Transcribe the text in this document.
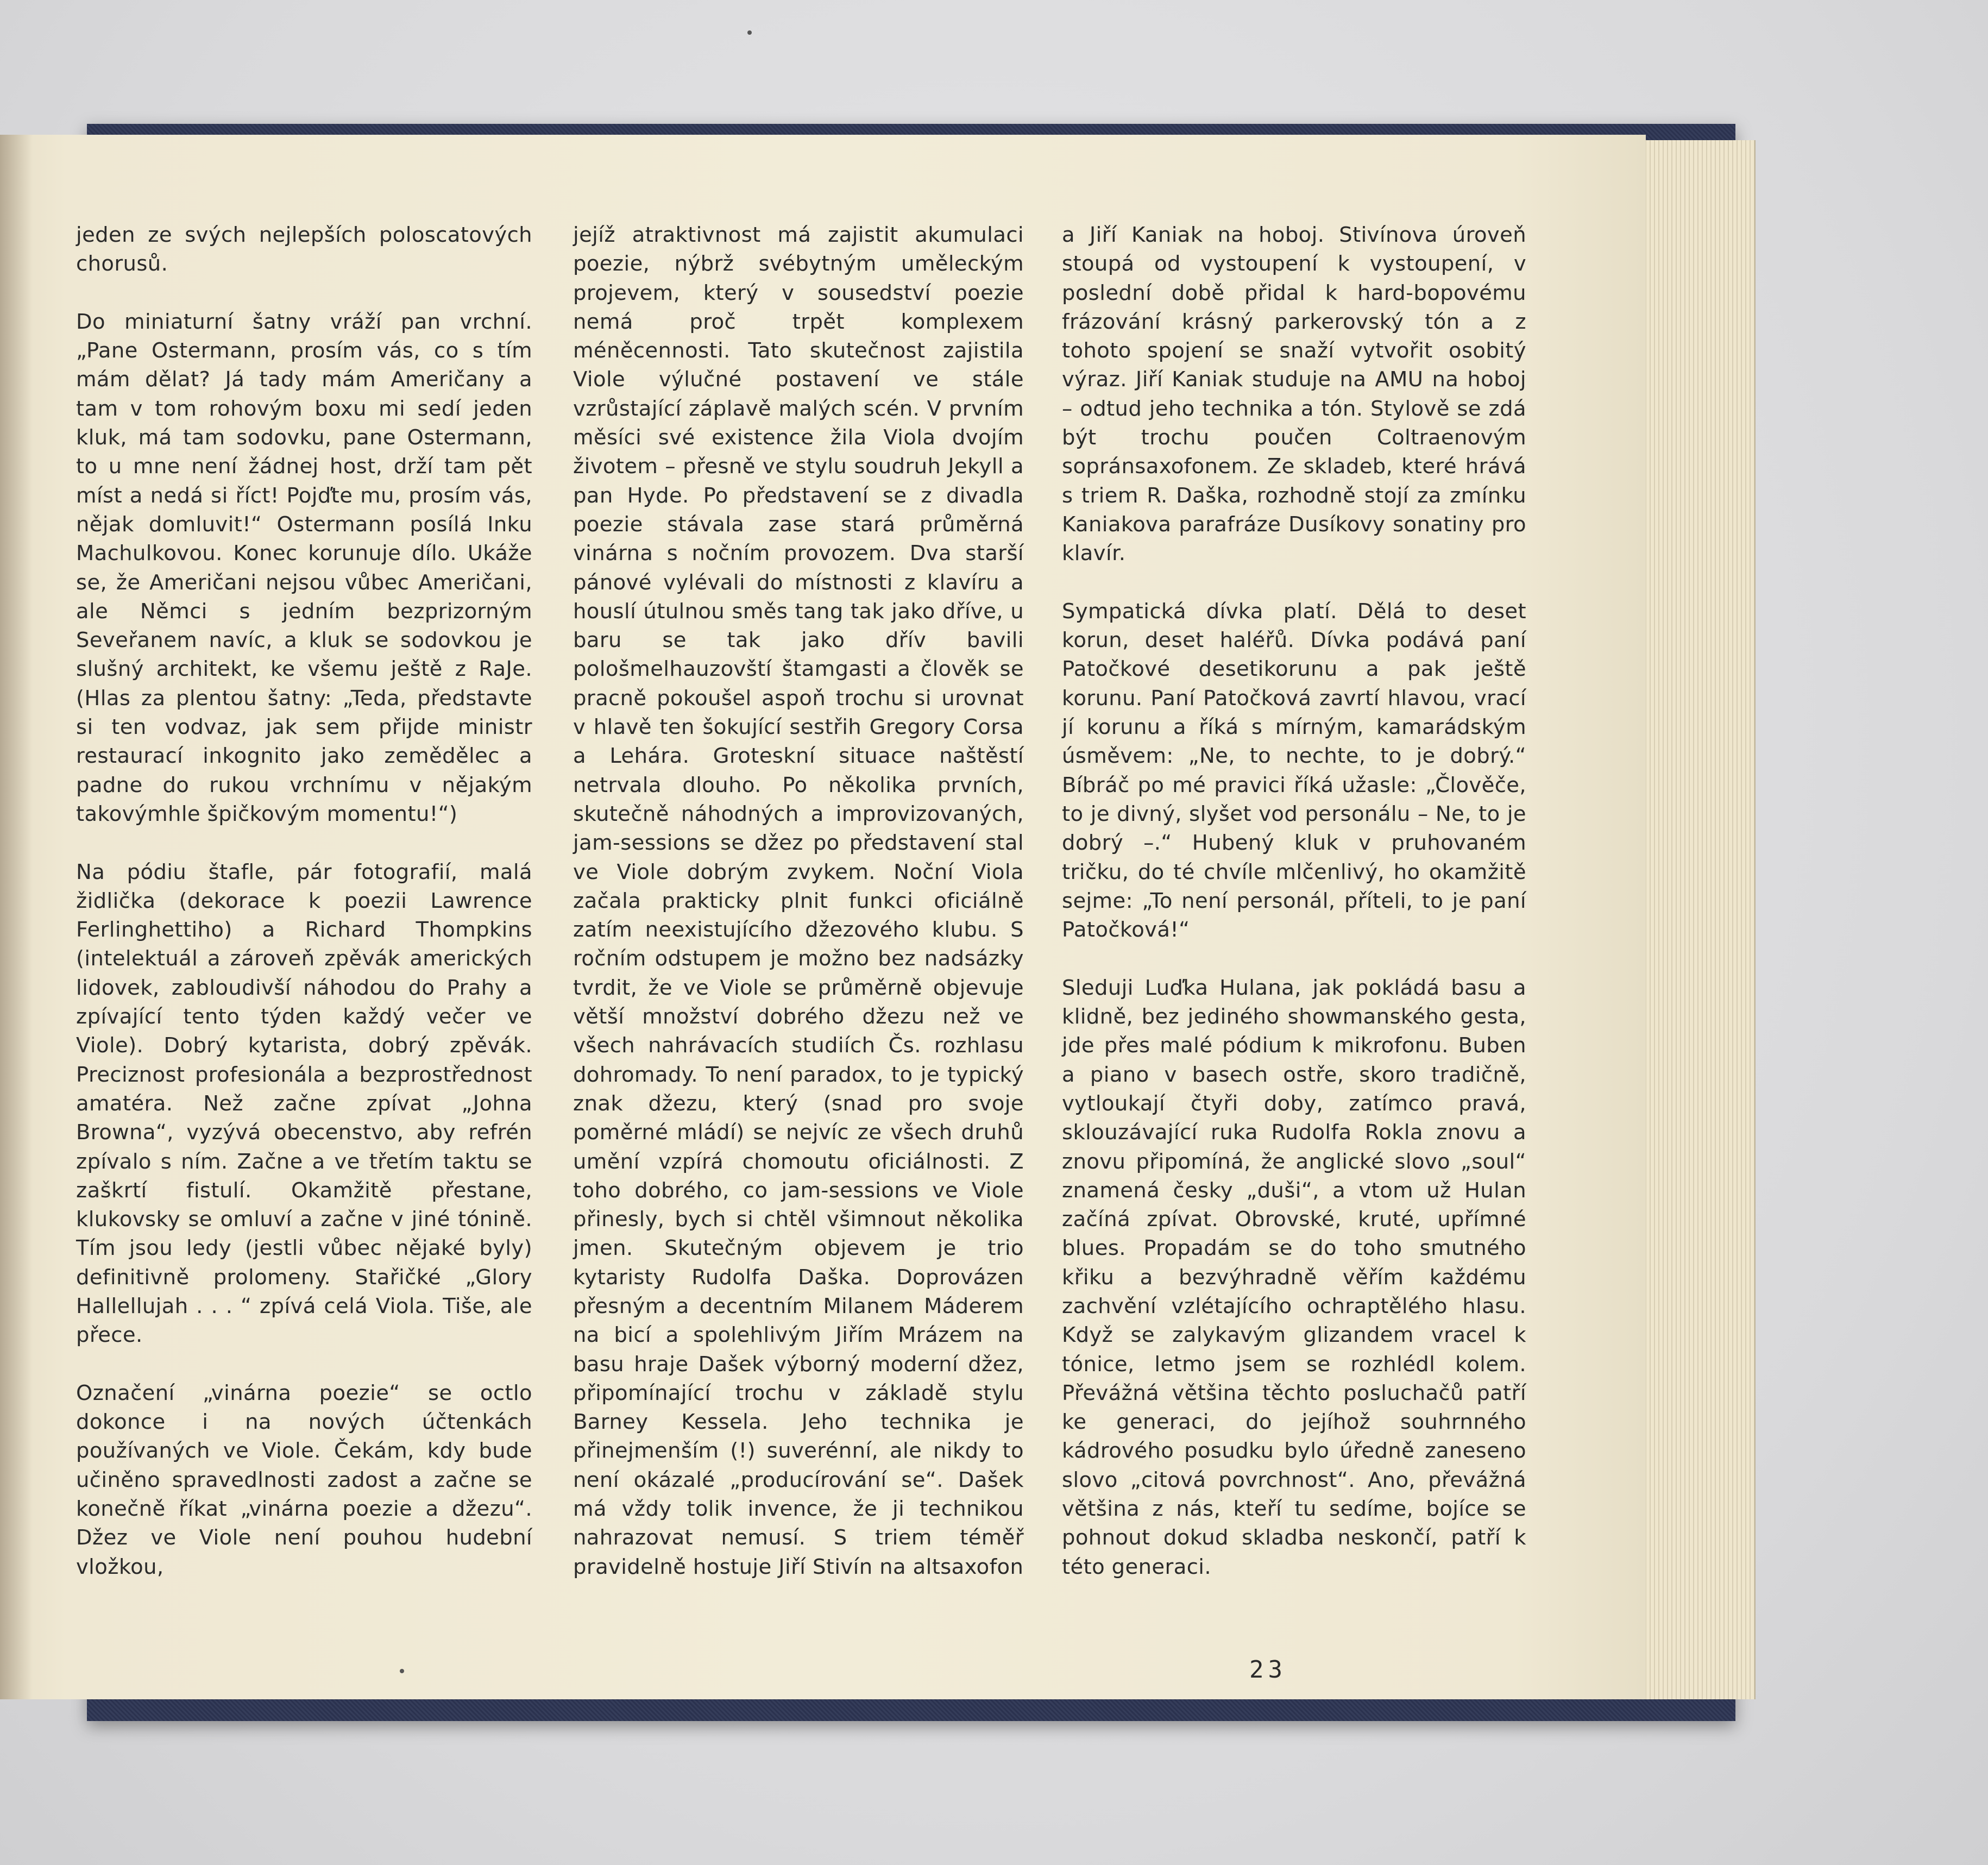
jeden ze svých nejlepších poloscatových chorusů.

Do miniaturní šatny vráží pan vrchní. „Pane Ostermann, prosím vás, co s tím mám dělat? Já tady mám Američany a tam v tom rohovým boxu mi sedí jeden kluk, má tam sodovku, pane Ostermann, to u mne není žádnej host, drží tam pět míst a nedá si říct! Pojďte mu, prosím vás, nějak domluvit!“ Ostermann posílá Inku Machulkovou. Konec korunuje dílo. Ukáže se, že Američani nejsou vůbec Američani, ale Němci s jedním bezprizorným Seveřanem navíc, a kluk se sodovkou je slušný architekt, ke všemu ještě z RaJe. (Hlas za plentou šatny: „Teda, představte si ten vodvaz, jak sem přijde ministr restaurací inkognito jako zemědělec a padne do rukou vrchnímu v nějakým takovýmhle špičkovým momentu!“)

Na pódiu štafle, pár fotografií, malá židlička (dekorace k poezii Lawrence Ferlinghettiho) a Richard Thompkins (intelektuál a zároveň zpěvák amerických lidovek, zabloudivší náhodou do Prahy a zpívající tento týden každý večer ve Viole). Dobrý kytarista, dobrý zpěvák. Preciznost profesionála a bezprostřednost amatéra. Než začne zpívat „Johna Browna“, vyzývá obecenstvo, aby refrén zpívalo s ním. Začne a ve třetím taktu se zaškrtí fistulí. Okamžitě přestane, klukovsky se omluví a začne v jiné tónině. Tím jsou ledy (jestli vůbec nějaké byly) definitivně prolomeny. Stařičké „Glory Hallellujah . . . “ zpívá celá Viola. Tiše, ale přece.

Označení „vinárna poezie“ se octlo dokonce i na nových účtenkách používaných ve Viole. Čekám, kdy bude učiněno spravedlnosti zadost a začne se konečně říkat „vinárna poezie a džezu“. Džez ve Viole není pouhou hudební vložkou,

jejíž atraktivnost má zajistit akumulaci poezie, nýbrž svébytným uměleckým projevem, který v sousedství poezie nemá proč trpět komplexem méněcennosti. Tato skutečnost zajistila Viole výlučné postavení ve stále vzrůstající záplavě malých scén. V prvním měsíci své existence žila Viola dvojím životem – přesně ve stylu soudruh Jekyll a pan Hyde. Po představení se z divadla poezie stávala zase stará průměrná vinárna s nočním provozem. Dva starší pánové vylévali do místnosti z klavíru a houslí útulnou směs tang tak jako dříve, u baru se tak jako dřív bavili pološmelhauzovští štamgasti a člověk se pracně pokoušel aspoň trochu si urovnat v hlavě ten šokující sestřih Gregory Corsa a Lehára. Groteskní situace naštěstí netrvala dlouho. Po několika prvních, skutečně náhodných a improvizovaných, jam-sessions se džez po představení stal ve Viole dobrým zvykem. Noční Viola začala prakticky plnit funkci oficiálně zatím neexistujícího džezového klubu. S ročním odstupem je možno bez nadsázky tvrdit, že ve Viole se průměrně objevuje větší množství dobrého džezu než ve všech nahrávacích studiích Čs. rozhlasu dohromady. To není paradox, to je typický znak džezu, který (snad pro svoje poměrné mládí) se nejvíc ze všech druhů umění vzpírá chomoutu oficiálnosti. Z toho dobrého, co jam-sessions ve Viole přinesly, bych si chtěl všimnout několika jmen. Skutečným objevem je trio kytaristy Rudolfa Daška. Doprovázen přesným a decentním Milanem Máderem na bicí a spolehlivým Jiřím Mrázem na basu hraje Dašek výborný moderní džez, připomínající trochu v základě stylu Barney Kessela. Jeho technika je přinejmenším (!) suverénní, ale nikdy to není okázalé „producírování se“. Dašek má vždy tolik invence, že ji technikou nahrazovat nemusí. S triem téměř pravidelně hostuje Jiří Stivín na altsaxofon

a Jiří Kaniak na hoboj. Stivínova úroveň stoupá od vystoupení k vystoupení, v poslední době přidal k hard-bopovému frázování krásný parkerovský tón a z tohoto spojení se snaží vytvořit osobitý výraz. Jiří Kaniak studuje na AMU na hoboj – odtud jeho technika a tón. Stylově se zdá být trochu poučen Coltraenovým sopránsaxofonem. Ze skladeb, které hrává s triem R. Daška, rozhodně stojí za zmínku Kaniakova parafráze Dusíkovy sonatiny pro klavír.

Sympatická dívka platí. Dělá to deset korun, deset haléřů. Dívka podává paní Patočkové desetikorunu a pak ještě korunu. Paní Patočková zavrtí hlavou, vrací jí korunu a říká s mírným, kamarádským úsměvem: „Ne, to nechte, to je dobrý.“ Bíbráč po mé pravici říká užasle: „Člověče, to je divný, slyšet vod personálu – Ne, to je dobrý –.“ Hubený kluk v pruhovaném tričku, do té chvíle mlčenlivý, ho okamžitě sejme: „To není personál, příteli, to je paní Patočková!“

Sleduji Luďka Hulana, jak pokládá basu a klidně, bez jediného showmanského gesta, jde přes malé pódium k mikrofonu. Buben a piano v basech ostře, skoro tradičně, vytloukají čtyři doby, zatímco pravá, sklouzávající ruka Rudolfa Rokla znovu a znovu připomíná, že anglické slovo „soul“ znamená česky „duši“, a vtom už Hulan začíná zpívat. Obrovské, kruté, upřímné blues. Propadám se do toho smutného křiku a bezvýhradně věřím každému zachvění vzlétajícího ochraptělého hlasu. Když se zalykavým glizandem vracel k tónice, letmo jsem se rozhlédl kolem. Převážná většina těchto posluchačů patří ke generaci, do jejíhož souhrnného kádrového posudku bylo úředně zaneseno slovo „citová povrchnost“. Ano, převážná většina z nás, kteří tu sedíme, bojíce se pohnout dokud skladba neskončí, patří k této generaci.

23
